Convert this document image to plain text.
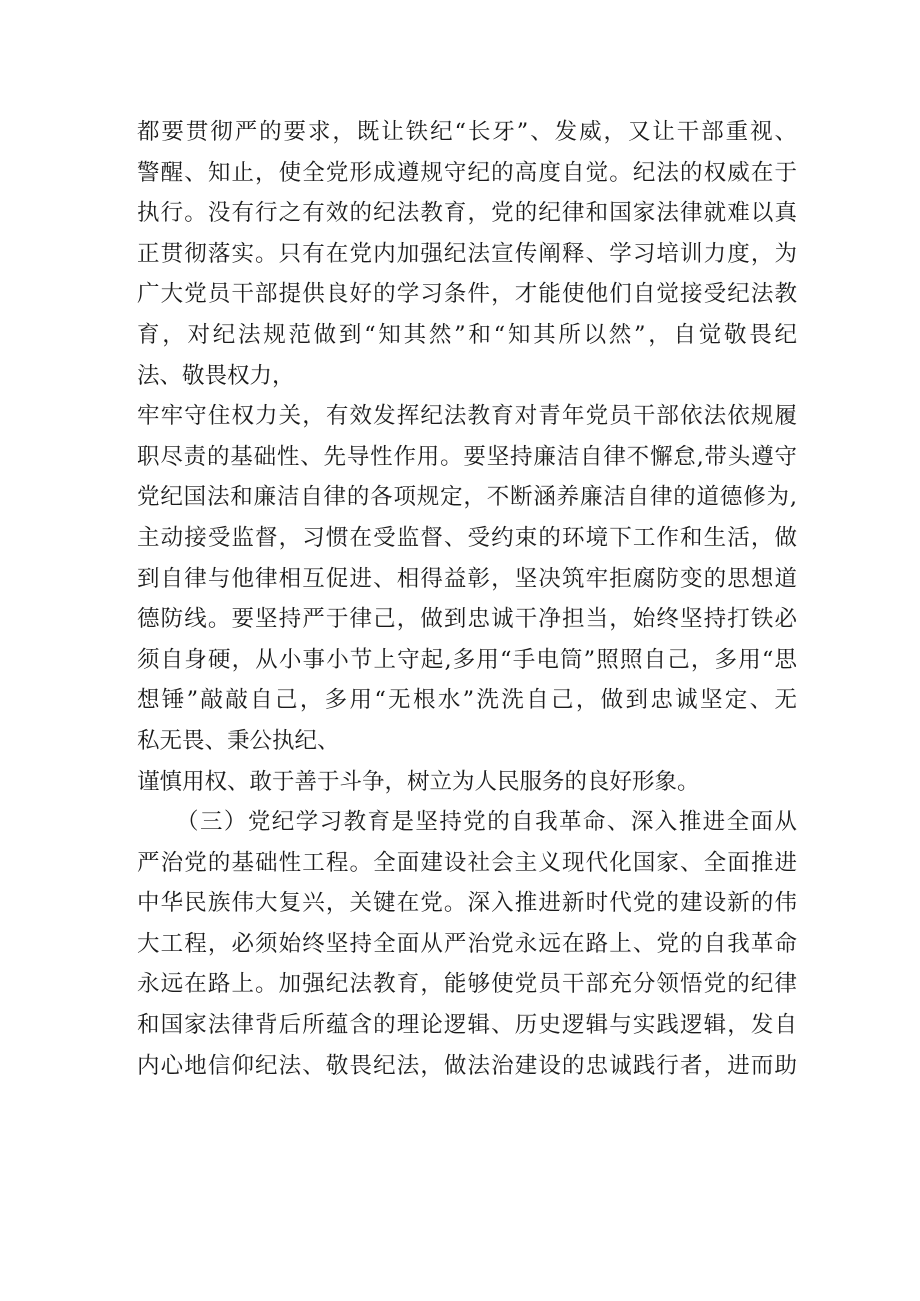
都要贯彻严的要求，既让铁纪“长牙”、发威，又让干部重视、
警醒、知止，使全党形成遵规守纪的高度自觉。纪法的权威在于
执行。没有行之有效的纪法教育，党的纪律和国家法律就难以真
正贯彻落实。只有在党内加强纪法宣传阐释、学习培训力度，为
广大党员干部提供良好的学习条件，才能使他们自觉接受纪法教
育，对纪法规范做到“知其然”和“知其所以然”，自觉敬畏纪
法、敬畏权力，
牢牢守住权力关，有效发挥纪法教育对青年党员干部依法依规履
职尽责的基础性、先导性作用。要坚持廉洁自律不懈怠,带头遵守
党纪国法和廉洁自律的各项规定，不断涵养廉洁自律的道德修为,
主动接受监督，习惯在受监督、受约束的环境下工作和生活，做
到自律与他律相互促进、相得益彰，坚决筑牢拒腐防变的思想道
德防线。要坚持严于律己，做到忠诚干净担当，始终坚持打铁必
须自身硬，从小事小节上守起,多用“手电筒”照照自己，多用“思
想锤”敲敲自己，多用“无根水”洗洗自己，做到忠诚坚定、无
私无畏、秉公执纪、
谨慎用权、敢于善于斗争，树立为人民服务的良好形象。
（三）党纪学习教育是坚持党的自我革命、深入推进全面从
严治党的基础性工程。全面建设社会主义现代化国家、全面推进
中华民族伟大复兴，关键在党。深入推进新时代党的建设新的伟
大工程，必须始终坚持全面从严治党永远在路上、党的自我革命
永远在路上。加强纪法教育，能够使党员干部充分领悟党的纪律
和国家法律背后所蕴含的理论逻辑、历史逻辑与实践逻辑，发自
内心地信仰纪法、敬畏纪法，做法治建设的忠诚践行者，进而助
